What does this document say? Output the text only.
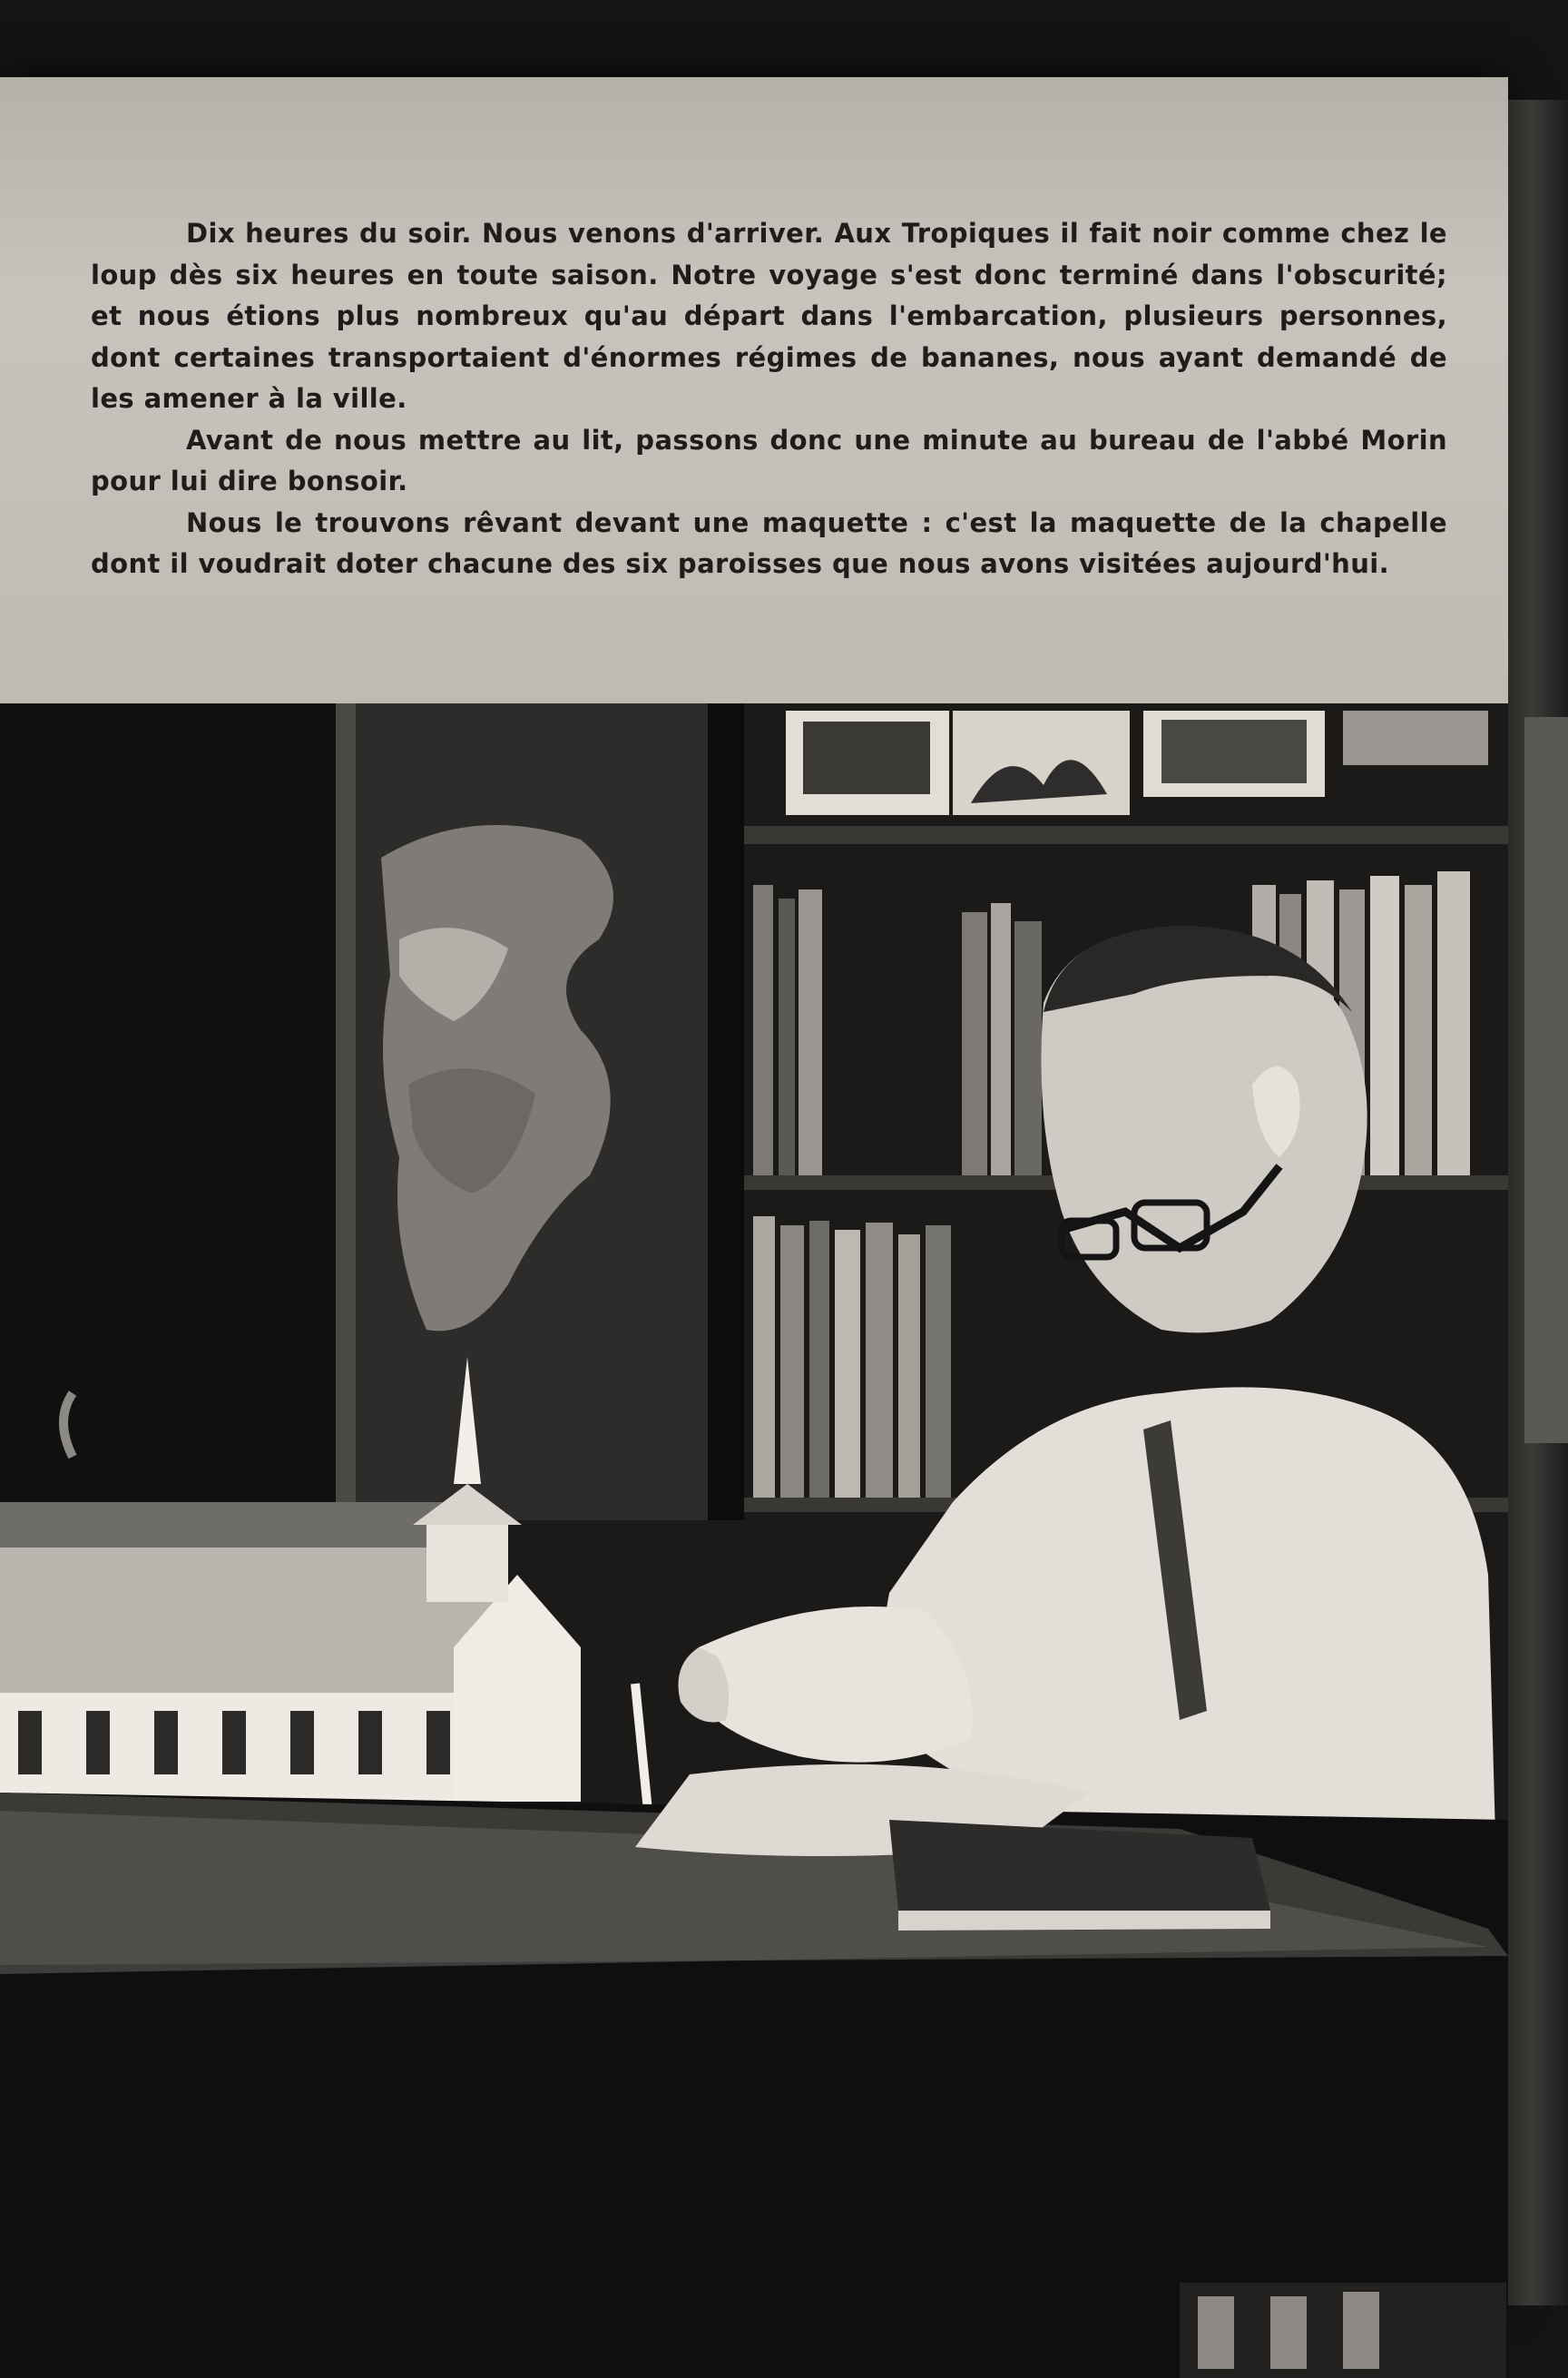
Dix heures du soir. Nous venons d'arriver. Aux Tropiques il fait noir comme chez le loup dès six heures en toute saison. Notre voyage s'est donc terminé dans l'obscurité; et nous étions plus nombreux qu'au départ dans l'embarcation, plusieurs personnes, dont certaines transportaient d'énormes régimes de bananes, nous ayant demandé de les amener à la ville.

Avant de nous mettre au lit, passons donc une minute au bureau de l'abbé Morin pour lui dire bonsoir.

Nous le trouvons rêvant devant une maquette : c'est la maquette de la chapelle dont il voudrait doter chacune des six paroisses que nous avons visitées aujourd'hui.
